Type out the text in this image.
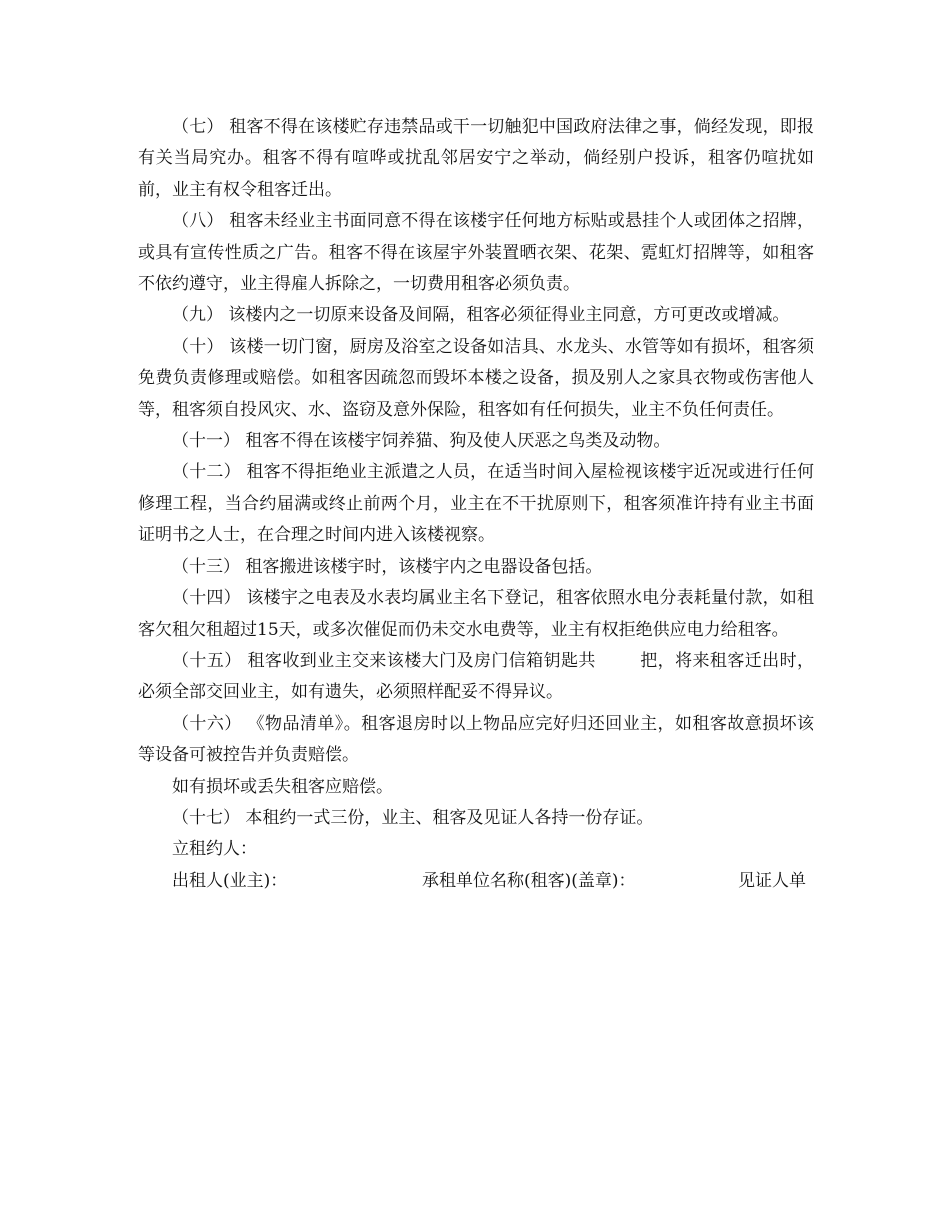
（七） 租客不得在该楼贮存违禁品或干一切触犯中国政府法律之事，倘经发现，即报有关当局究办。租客不得有喧哗或扰乱邻居安宁之举动，倘经别户投诉，租客仍喧扰如前，业主有权令租客迁出。

（八） 租客未经业主书面同意不得在该楼宇任何地方标贴或悬挂个人或团体之招牌，或具有宣传性质之广告。租客不得在该屋宇外装置晒衣架、花架、霓虹灯招牌等，如租客不依约遵守，业主得雇人拆除之，一切费用租客必须负责。

（九） 该楼内之一切原来设备及间隔，租客必须征得业主同意，方可更改或增减。

（十） 该楼一切门窗，厨房及浴室之设备如洁具、水龙头、水管等如有损坏，租客须免费负责修理或赔偿。如租客因疏忽而毁坏本楼之设备，损及别人之家具衣物或伤害他人等，租客须自投风灾、水、盗窃及意外保险，租客如有任何损失，业主不负任何责任。

（十一） 租客不得在该楼宇饲养猫、狗及使人厌恶之鸟类及动物。

（十二） 租客不得拒绝业主派遣之人员，在适当时间入屋检视该楼宇近况或进行任何修理工程，当合约届满或终止前两个月，业主在不干扰原则下，租客须准许持有业主书面证明书之人士，在合理之时间内进入该楼视察。

（十三） 租客搬进该楼宇时，该楼宇内之电器设备包括。

（十四） 该楼宇之电表及水表均属业主名下登记，租客依照水电分表耗量付款，如租客欠租欠租超过15天，或多次催促而仍未交水电费等，业主有权拒绝供应电力给租客。

（十五） 租客收到业主交来该楼大门及房门信箱钥匙共	把，将来租客迁出时，必须全部交回业主，如有遗失，必须照样配妥不得异议。

（十六） 《物品清单》。租客退房时以上物品应完好归还回业主，如租客故意损坏该等设备可被控告并负责赔偿。

如有损坏或丢失租客应赔偿。

（十七） 本租约一式三份，业主、租客及见证人各持一份存证。

立租约人：

出租人(业主)：	承租单位名称(租客)(盖章)：	见证人单
